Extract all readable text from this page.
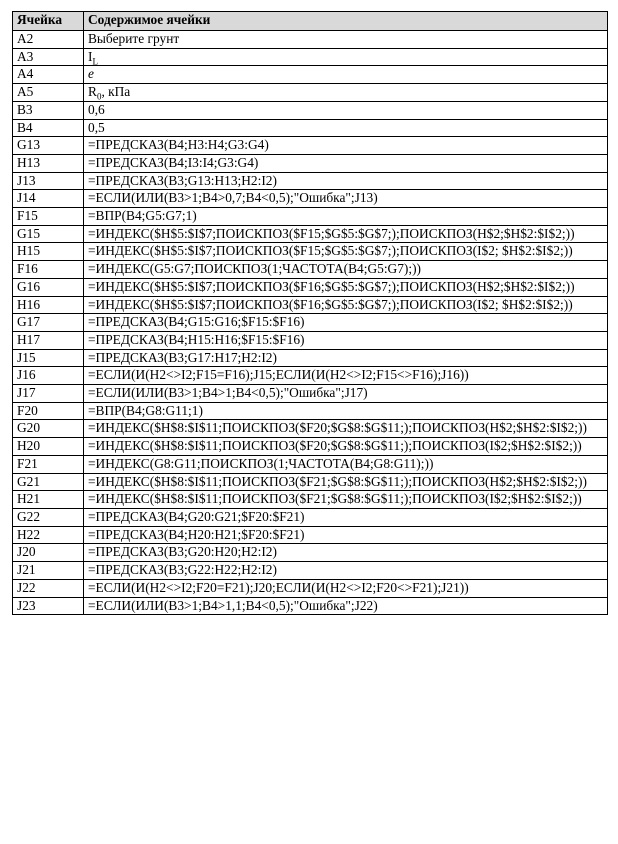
Ячейка	Содержимое ячейки
A2	Выберите грунт
A3	$I_L$
A4	e
A5	$R_0$, кПа
B3	0,6
B4	0,5
G13	=ПРЕДСКАЗ(B4;H3:H4;G3:G4)
H13	=ПРЕДСКАЗ(B4;I3:I4;G3:G4)
J13	=ПРЕДСКАЗ(B3;G13:H13;H2:I2)
J14	=ЕСЛИ(ИЛИ(B3>1;B4>0,7;B4<0,5);"Ошибка";J13)
F15	=ВПР(B4;G5:G7;1)
G15	=ИНДЕКС($H$5:$I$7;ПОИСКПОЗ($F15;$G$5:$G$7;);ПОИСКПОЗ(H$2;$H$2:$I$2;))
H15	=ИНДЕКС($H$5:$I$7;ПОИСКПОЗ($F15;$G$5:$G$7;);ПОИСКПОЗ(I$2; $H$2:$I$2;))
F16	=ИНДЕКС(G5:G7;ПОИСКПОЗ(1;ЧАСТОТА(B4;G5:G7);))
G16	=ИНДЕКС($H$5:$I$7;ПОИСКПОЗ($F16;$G$5:$G$7;);ПОИСКПОЗ(H$2;$H$2:$I$2;))
H16	=ИНДЕКС($H$5:$I$7;ПОИСКПОЗ($F16;$G$5:$G$7;);ПОИСКПОЗ(I$2; $H$2:$I$2;))
G17	=ПРЕДСКАЗ(B4;G15:G16;$F15:$F16)
H17	=ПРЕДСКАЗ(B4;H15:H16;$F15:$F16)
J15	=ПРЕДСКАЗ(B3;G17:H17;H2:I2)
J16	=ЕСЛИ(И(H2<>I2;F15=F16);J15;ЕСЛИ(И(H2<>I2;F15<>F16);J16))
J17	=ЕСЛИ(ИЛИ(B3>1;B4>1;B4<0,5);"Ошибка";J17)
F20	=ВПР(B4;G8:G11;1)
G20	=ИНДЕКС($H$8:$I$11;ПОИСКПОЗ($F20;$G$8:$G$11;);ПОИСКПОЗ(H$2;$H$2:$I$2;))
H20	=ИНДЕКС($H$8:$I$11;ПОИСКПОЗ($F20;$G$8:$G$11;);ПОИСКПОЗ(I$2;$H$2:$I$2;))
F21	=ИНДЕКС(G8:G11;ПОИСКПОЗ(1;ЧАСТОТА(B4;G8:G11);))
G21	=ИНДЕКС($H$8:$I$11;ПОИСКПОЗ($F21;$G$8:$G$11;);ПОИСКПОЗ(H$2;$H$2:$I$2;))
H21	=ИНДЕКС($H$8:$I$11;ПОИСКПОЗ($F21;$G$8:$G$11;);ПОИСКПОЗ(I$2;$H$2:$I$2;))
G22	=ПРЕДСКАЗ(B4;G20:G21;$F20:$F21)
H22	=ПРЕДСКАЗ(B4;H20:H21;$F20:$F21)
J20	=ПРЕДСКАЗ(B3;G20:H20;H2:I2)
J21	=ПРЕДСКАЗ(B3;G22:H22;H2:I2)
J22	=ЕСЛИ(И(H2<>I2;F20=F21);J20;ЕСЛИ(И(H2<>I2;F20<>F21);J21))
J23	=ЕСЛИ(ИЛИ(B3>1;B4>1,1;B4<0,5);"Ошибка";J22)
